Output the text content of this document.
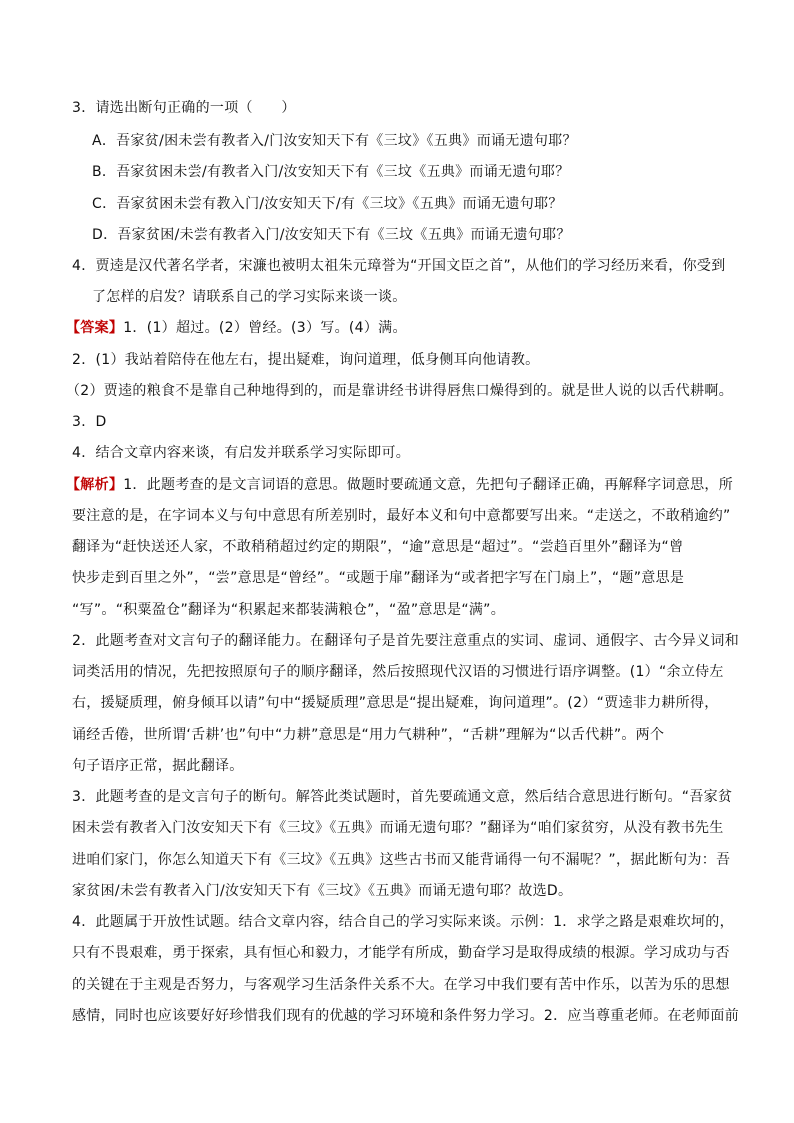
3．请选出断句正确的一项（　　）
A．吾家贫/困未尝有教者入/门汝安知天下有《三坟》《五典》而诵无遗句耶？
B．吾家贫困未尝/有教者入门/汝安知天下有《三坟《五典》而诵无遗句耶？
C．吾家贫困未尝有教入门/汝安知天下/有《三坟》《五典》而诵无遗句耶？
D．吾家贫困/未尝有教者入门/汝安知天下有《三坟《五典》而诵无遗句耶？
4．贾逵是汉代著名学者，宋濂也被明太祖朱元璋誉为“开国文臣之首”，从他们的学习经历来看，你受到
了怎样的启发？请联系自己的学习实际来谈一谈。
【答案】1．(1）超过。(2）曾经。(3）写。(4）满。
2．(1）我站着陪侍在他左右，提出疑难，询问道理，低身侧耳向他请教。
（2）贾逵的粮食不是靠自己种地得到的，而是靠讲经书讲得唇焦口燥得到的。就是世人说的以舌代耕啊。
3．D
4．结合文章内容来谈，有启发并联系学习实际即可。
【解析】1．此题考查的是文言词语的意思。做题时要疏通文意，先把句子翻译正确，再解释字词意思，所
要注意的是，在字词本义与句中意思有所差别时，最好本义和句中意都要写出来。“走送之，不敢稍逾约”
翻译为“赶快送还人家，不敢稍稍超过约定的期限”，“逾”意思是“超过”。“尝趋百里外”翻译为“曾
快步走到百里之外”，“尝”意思是“曾经”。“或题于扉”翻译为“或者把字写在门扇上”，“题”意思是
“写”。“积粟盈仓”翻译为“积累起来都装满粮仓”，“盈”意思是“满”。
2．此题考查对文言句子的翻译能力。在翻译句子是首先要注意重点的实词、虚词、通假字、古今异义词和
词类活用的情况，先把按照原句子的顺序翻译，然后按照现代汉语的习惯进行语序调整。(1）“余立侍左
右，援疑质理，俯身倾耳以请”句中“援疑质理”意思是“提出疑难，询问道理”。(2）“贾逵非力耕所得，
诵经舌倦，世所谓‘舌耕’也”句中“力耕”意思是“用力气耕种”，“舌耕”理解为“以舌代耕”。两个
句子语序正常，据此翻译。
3．此题考查的是文言句子的断句。解答此类试题时，首先要疏通文意，然后结合意思进行断句。“吾家贫
困未尝有教者入门汝安知天下有《三坟》《五典》而诵无遗句耶？”翻译为“咱们家贫穷，从没有教书先生
进咱们家门，你怎么知道天下有《三坟》《五典》这些古书而又能背诵得一句不漏呢？”，据此断句为：吾
家贫困/未尝有教者入门/汝安知天下有《三坟》《五典》而诵无遗句耶？故选D。
4．此题属于开放性试题。结合文章内容，结合自己的学习实际来谈。示例：1．求学之路是艰难坎坷的，
只有不畏艰难，勇于探索，具有恒心和毅力，才能学有所成，勤奋学习是取得成绩的根源。学习成功与否
的关键在于主观是否努力，与客观学习生活条件关系不大。在学习中我们要有苦中作乐，以苦为乐的思想
感情，同时也应该要好好珍惜我们现有的优越的学习环境和条件努力学习。2．应当尊重老师。在老师面前
